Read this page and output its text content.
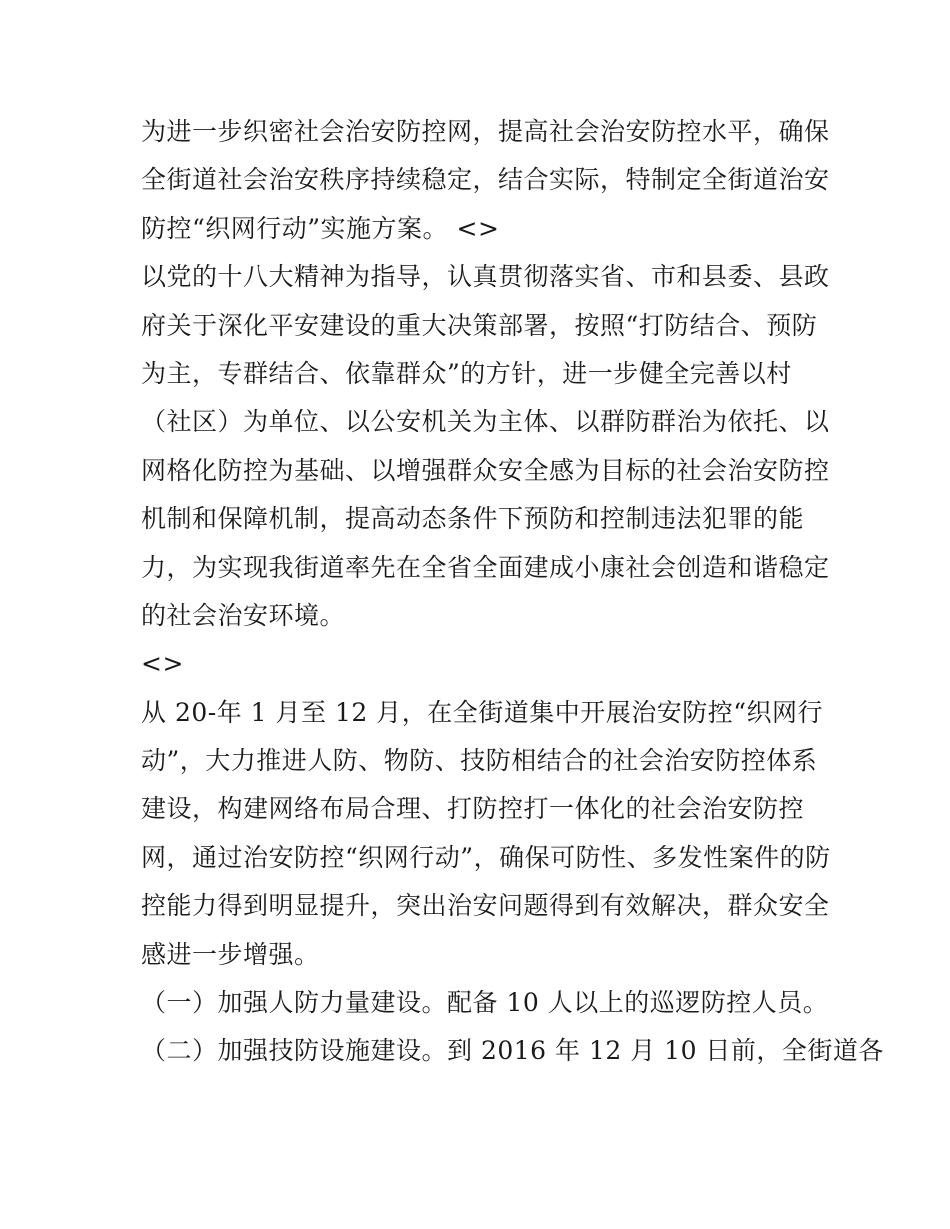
为进一步织密社会治安防控网，提高社会治安防控水平，确保
全街道社会治安秩序持续稳定，结合实际，特制定全街道治安
防控“织网行动”实施方案。 <>
以党的十八大精神为指导，认真贯彻落实省、市和县委、县政
府关于深化平安建设的重大决策部署，按照“打防结合、预防
为主，专群结合、依靠群众”的方针，进一步健全完善以村
（社区）为单位、以公安机关为主体、以群防群治为依托、以
网格化防控为基础、以增强群众安全感为目标的社会治安防控
机制和保障机制，提高动态条件下预防和控制违法犯罪的能
力，为实现我街道率先在全省全面建成小康社会创造和谐稳定
的社会治安环境。
<>
从 20-年 1 月至 12 月，在全街道集中开展治安防控“织网行
动”，大力推进人防、物防、技防相结合的社会治安防控体系
建设，构建网络布局合理、打防控打一体化的社会治安防控
网，通过治安防控“织网行动”，确保可防性、多发性案件的防
控能力得到明显提升，突出治安问题得到有效解决，群众安全
感进一步增强。
（一）加强人防力量建设。配备 10 人以上的巡逻防控人员。
（二）加强技防设施建设。到 2016 年 12 月 10 日前，全街道各
